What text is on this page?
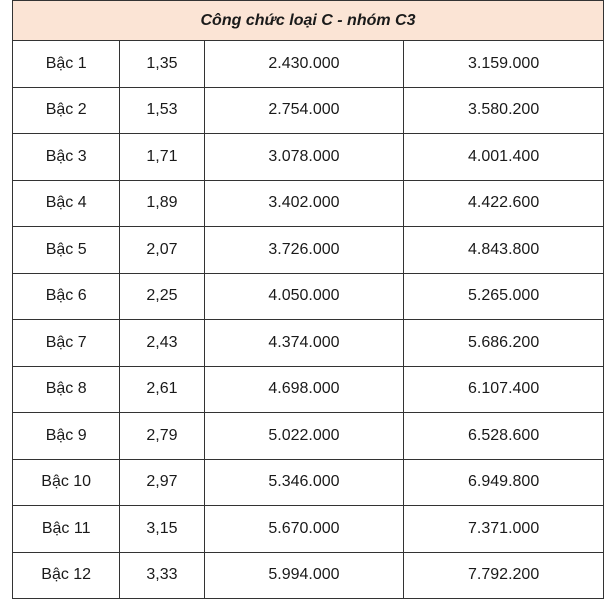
Công chức loại C - nhóm C3			
Bậc 1	1,35	2.430.000	3.159.000
Bậc 2	1,53	2.754.000	3.580.200
Bậc 3	1,71	3.078.000	4.001.400
Bậc 4	1,89	3.402.000	4.422.600
Bậc 5	2,07	3.726.000	4.843.800
Bậc 6	2,25	4.050.000	5.265.000
Bậc 7	2,43	4.374.000	5.686.200
Bậc 8	2,61	4.698.000	6.107.400
Bậc 9	2,79	5.022.000	6.528.600
Bậc 10	2,97	5.346.000	6.949.800
Bậc 11	3,15	5.670.000	7.371.000
Bậc 12	3,33	5.994.000	7.792.200
